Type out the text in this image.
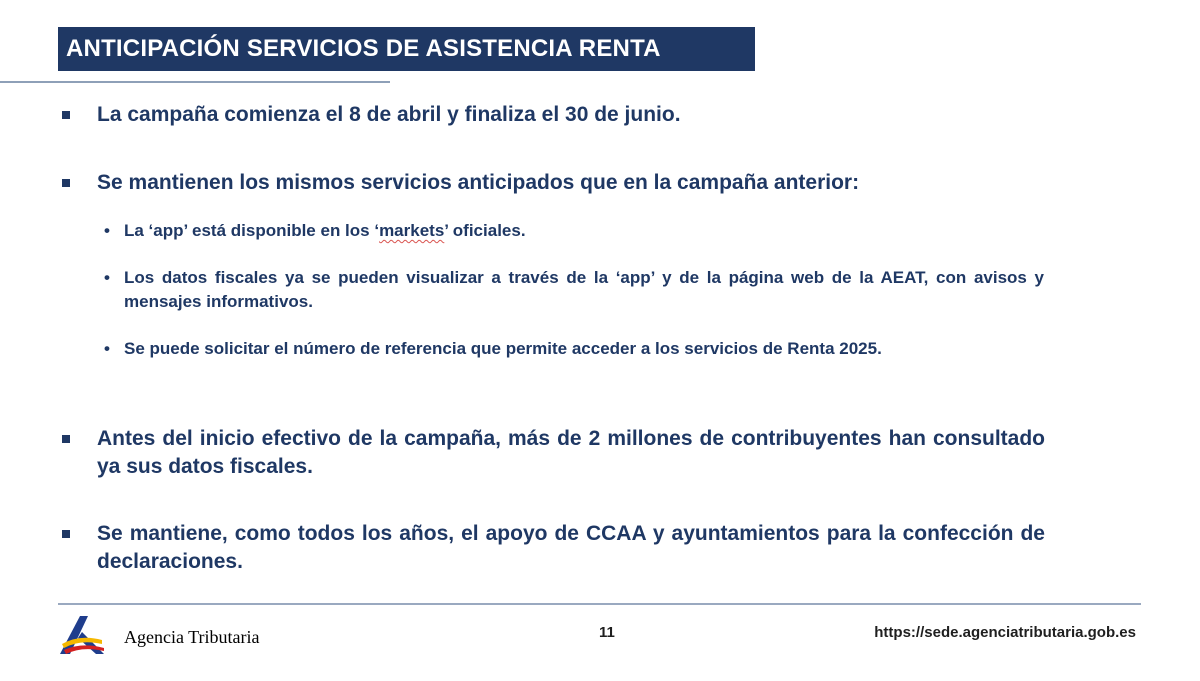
ANTICIPACIÓN SERVICIOS DE ASISTENCIA RENTA
La campaña comienza el 8 de abril y finaliza el 30 de junio.
Se mantienen los mismos servicios anticipados que en la campaña anterior:
• La ‘app’ está disponible en los ‘markets’ oficiales.
• Los datos fiscales ya se pueden visualizar a través de la ‘app’ y de la página web de la AEAT, con avisos y mensajes informativos.
• Se puede solicitar el número de referencia que permite acceder a los servicios de Renta 2025.
Antes del inicio efectivo de la campaña, más de 2 millones de contribuyentes han consultado ya sus datos fiscales.
Se mantiene, como todos los años, el apoyo de CCAA y ayuntamientos para la confección de declaraciones.
Agencia Tributaria	11	https://sede.agenciatributaria.gob.es
